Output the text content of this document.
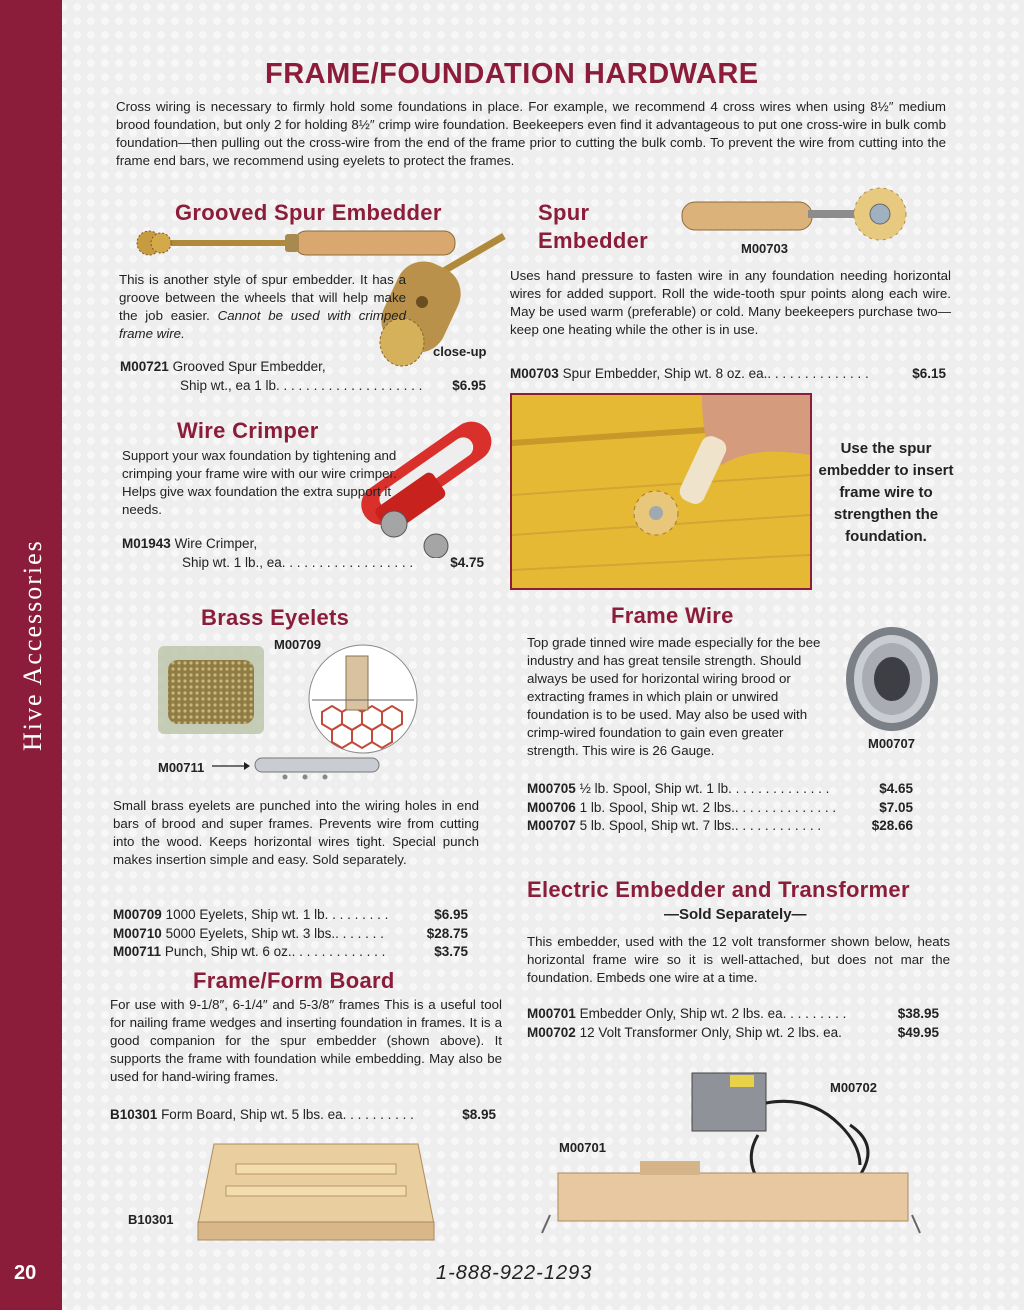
Hive Accessories
20
FRAME/FOUNDATION HARDWARE
Cross wiring is necessary to firmly hold some foundations in place. For example, we recommend 4 cross wires when using 8½″ medium brood foundation, but only 2 for holding 8½″ crimp wire foundation. Beekeepers even find it advantageous to put one cross-wire in bulk comb foundation—then pulling out the cross-wire from the end of the frame prior to cutting the bulk comb. To prevent the wire from cutting into the frame end bars, we recommend using eyelets to protect the frames.
Grooved Spur Embedder
This is another style of spur embedder. It has a groove between the wheels that will help make the job easier. Cannot be used with crimped frame wire.
close-up
M00721 Grooved Spur Embedder,
Ship wt., ea 1 lb. . . . . . . . . . . . . . . . . . . . $6.95
Spur
Embedder	M00703
Uses hand pressure to fasten wire in any foundation needing horizontal wires for added support. Roll the wide-tooth spur points along each wire. May be used warm (preferable) or cold. Many beekeepers purchase two—keep one heating while the other is in use.
M00703 Spur Embedder, Ship wt. 8 oz. ea.. . . . . . . . . . . . . .	$6.15
Use the spur embedder to insert frame wire to strengthen the foundation.
Wire Crimper
Support your wax foundation by tightening and crimping your frame wire with our wire crimper. Helps give wax foundation the extra support it needs.
M01943 Wire Crimper,
Ship wt. 1 lb., ea. . . . . . . . . . . . . . . . . .	$4.75
Brass Eyelets
M00709
M00711
Small brass eyelets are punched into the wiring holes in end bars of brood and super frames. Prevents wire from cutting into the wood. Keeps horizontal wires tight. Special punch makes insertion simple and easy. Sold separately.
M00709 1000 Eyelets, Ship wt. 1 lb. . . . . . . . .	$6.95
M00710 5000 Eyelets, Ship wt. 3 lbs.. . . . . . .	$28.75
M00711 Punch, Ship wt. 6 oz.. . . . . . . . . . . . .	$3.75
Frame Wire
Top grade tinned wire made especially for the bee industry and has great tensile strength. Should always be used for horizontal wiring brood or extracting frames in which plain or unwired foundation is to be used. May also be used with crimp-wired foundation to gain even greater strength. This wire is 26 Gauge.	M00707
M00705 ½ lb. Spool, Ship wt. 1 lb. . . . . . . . . . . . . .	$4.65
M00706 1 lb. Spool, Ship wt. 2 lbs.. . . . . . . . . . . . . .	$7.05
M00707 5 lb. Spool, Ship wt. 7 lbs.. . . . . . . . . . . .	$28.66
Electric Embedder and Transformer
—Sold Separately—
This embedder, used with the 12 volt transformer shown below, heats horizontal frame wire so it is well-attached, but does not mar the foundation. Embeds one wire at a time.
M00701 Embedder Only, Ship wt. 2 lbs. ea. . . . . . . . .	$38.95
M00702 12 Volt Transformer Only, Ship wt. 2 lbs. ea.	$49.95
M00702
M00701
Frame/Form Board
For use with 9-1/8″, 6-1/4″ and 5-3/8″ frames This is a useful tool for nailing frame wedges and inserting foundation in frames. It is a good companion for the spur embedder (shown above). It supports the frame with foundation while embedding. May also be used for hand-wiring frames.
B10301 Form Board, Ship wt. 5 lbs. ea. . . . . . . . . .	$8.95
B10301
1-888-922-1293
